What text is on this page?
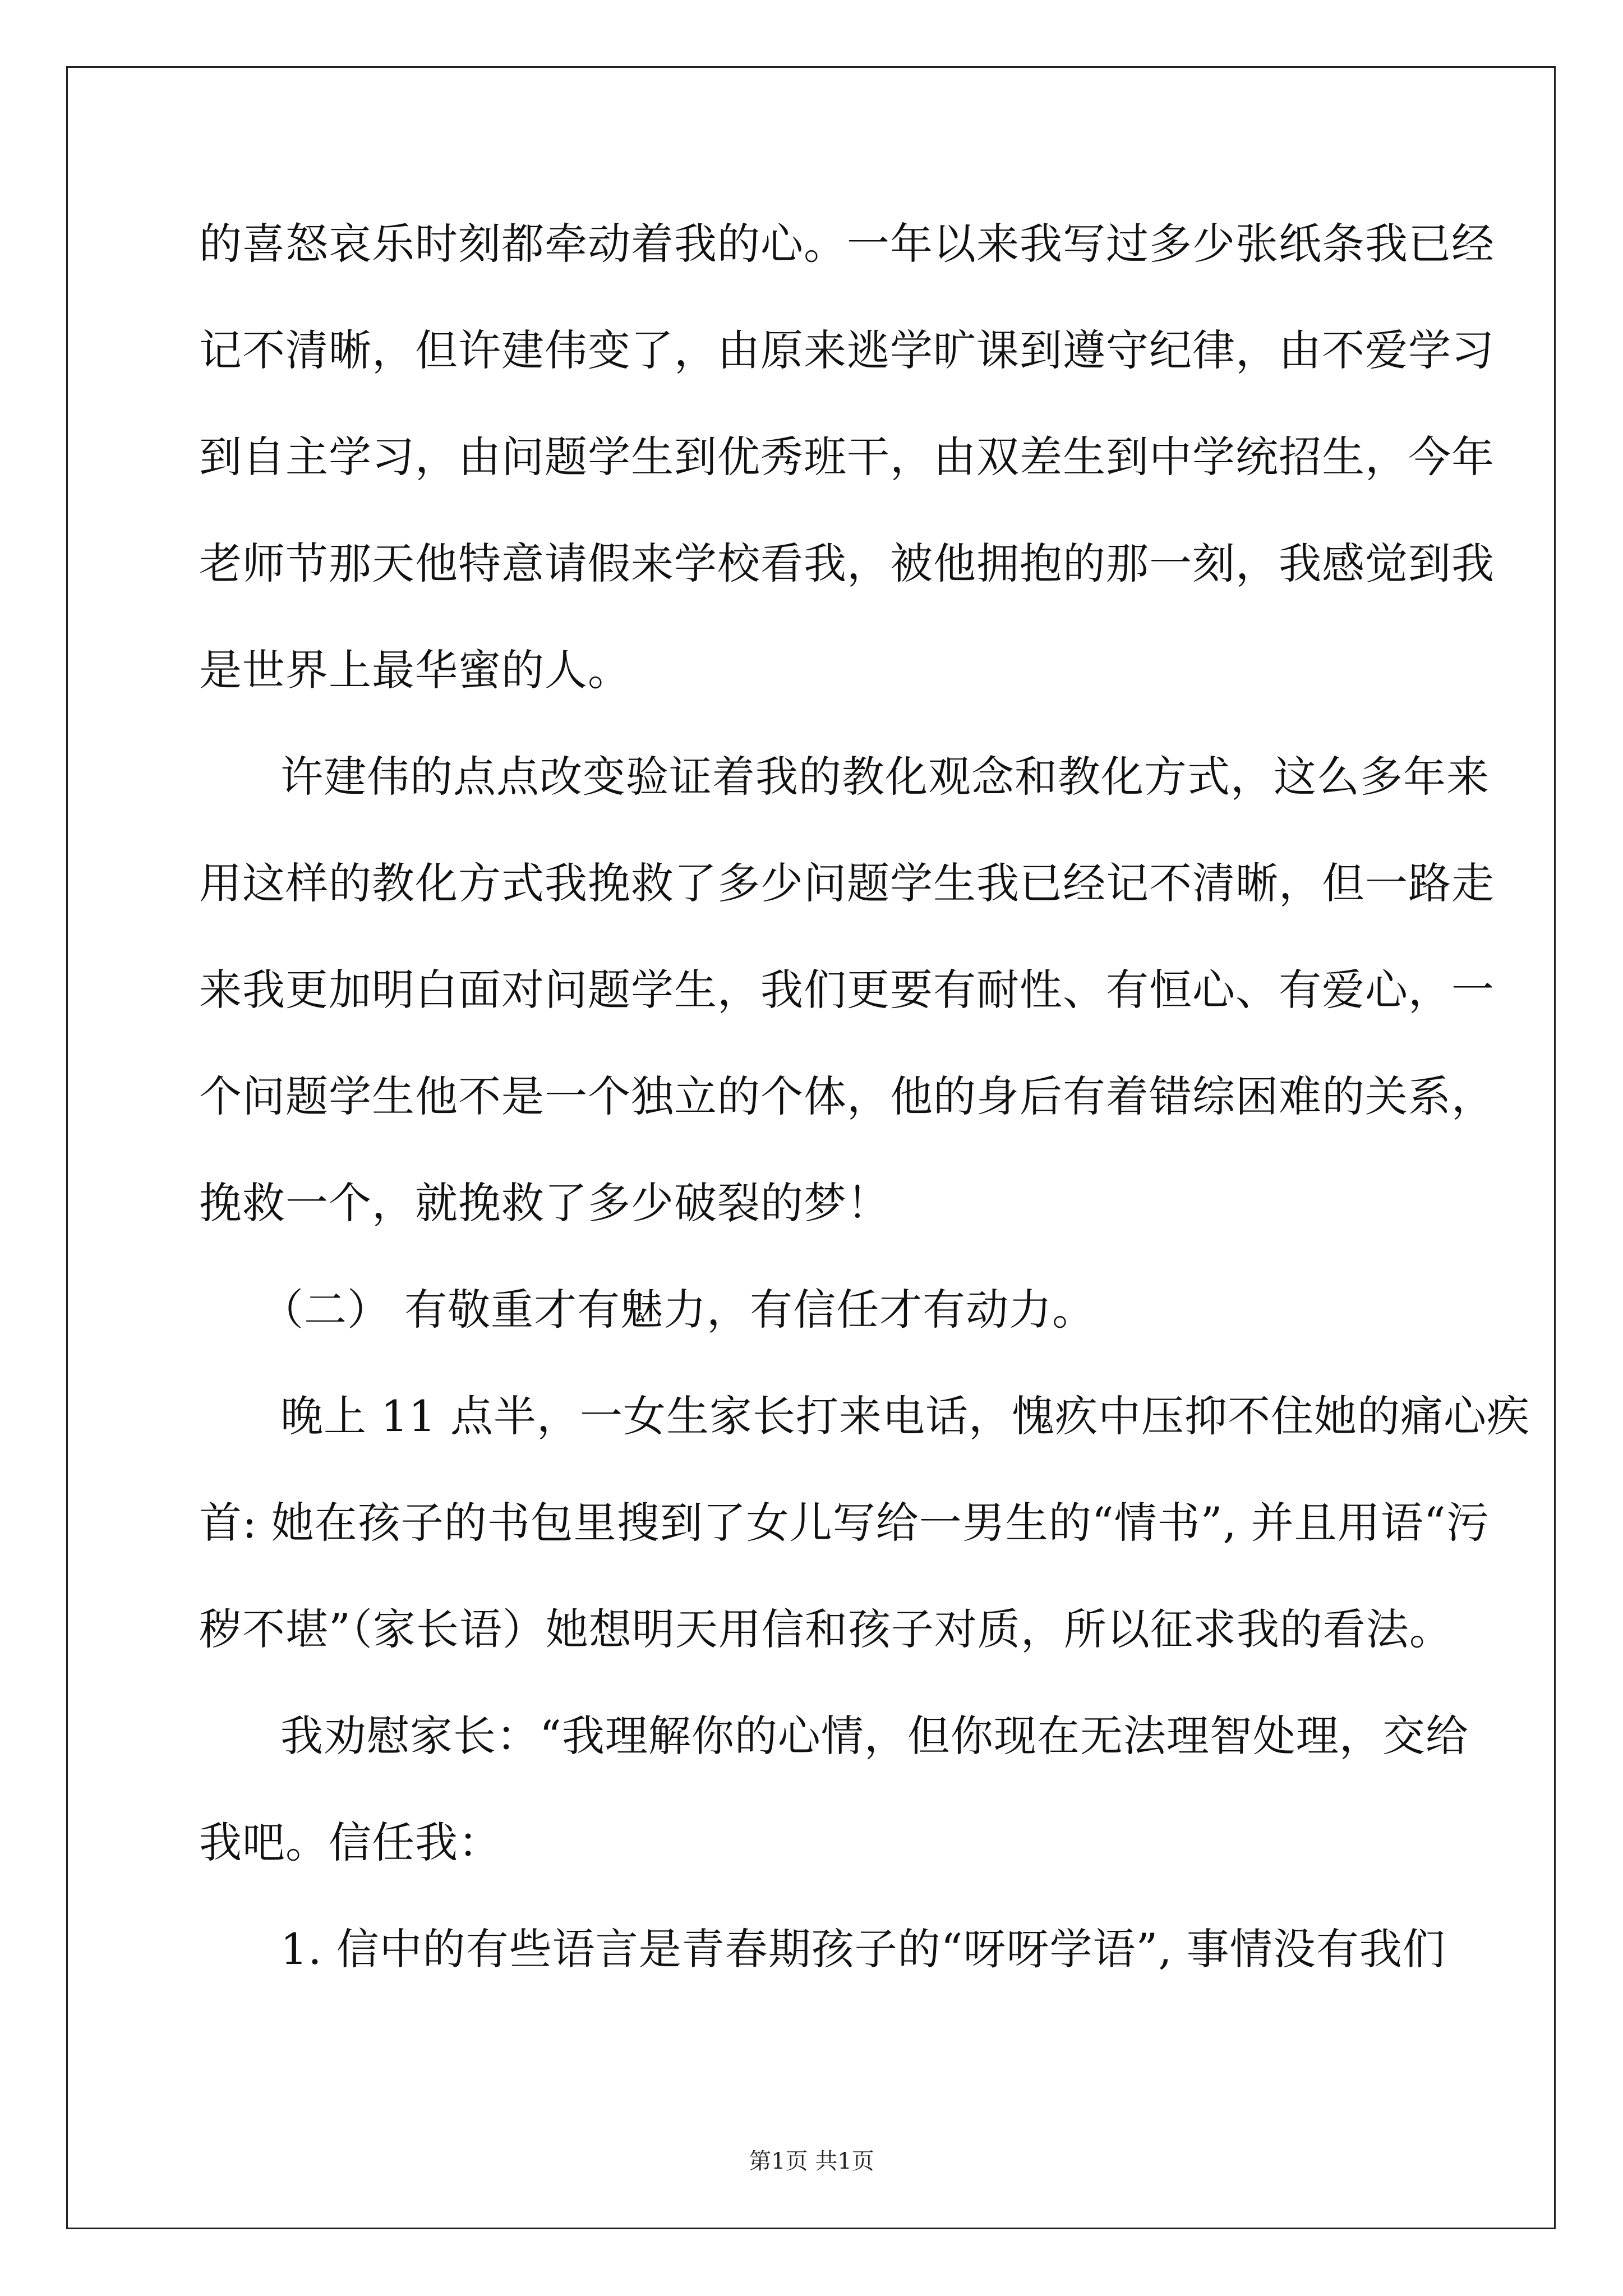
的喜怒哀乐时刻都牵动着我的心。一年以来我写过多少张纸条我已经
记不清晰，但许建伟变了，由原来逃学旷课到遵守纪律，由不爱学习
到自主学习，由问题学生到优秀班干，由双差生到中学统招生，今年
老师节那天他特意请假来学校看我，被他拥抱的那一刻，我感觉到我
是世界上最华蜜的人。
许建伟的点点改变验证着我的教化观念和教化方式，这么多年来
用这样的教化方式我挽救了多少问题学生我已经记不清晰，但一路走
来我更加明白面对问题学生，我们更要有耐性、有恒心、有爱心，一
个问题学生他不是一个独立的个体，他的身后有着错综困难的关系，
挽救一个，就挽救了多少破裂的梦！
（二） 有敬重才有魅力，有信任才有动力。
晚上 11 点半，一女生家长打来电话，愧疚中压抑不住她的痛心疾
首: 她在孩子的书包里搜到了女儿写给一男生的“情书”, 并且用语“污
秽不堪”（家长语）她想明天用信和孩子对质，所以征求我的看法。
我劝慰家长：“我理解你的心情，但你现在无法理智处理，交给
我吧。信任我：
1. 信中的有些语言是青春期孩子的“呀呀学语”, 事情没有我们
第1页 共1页
